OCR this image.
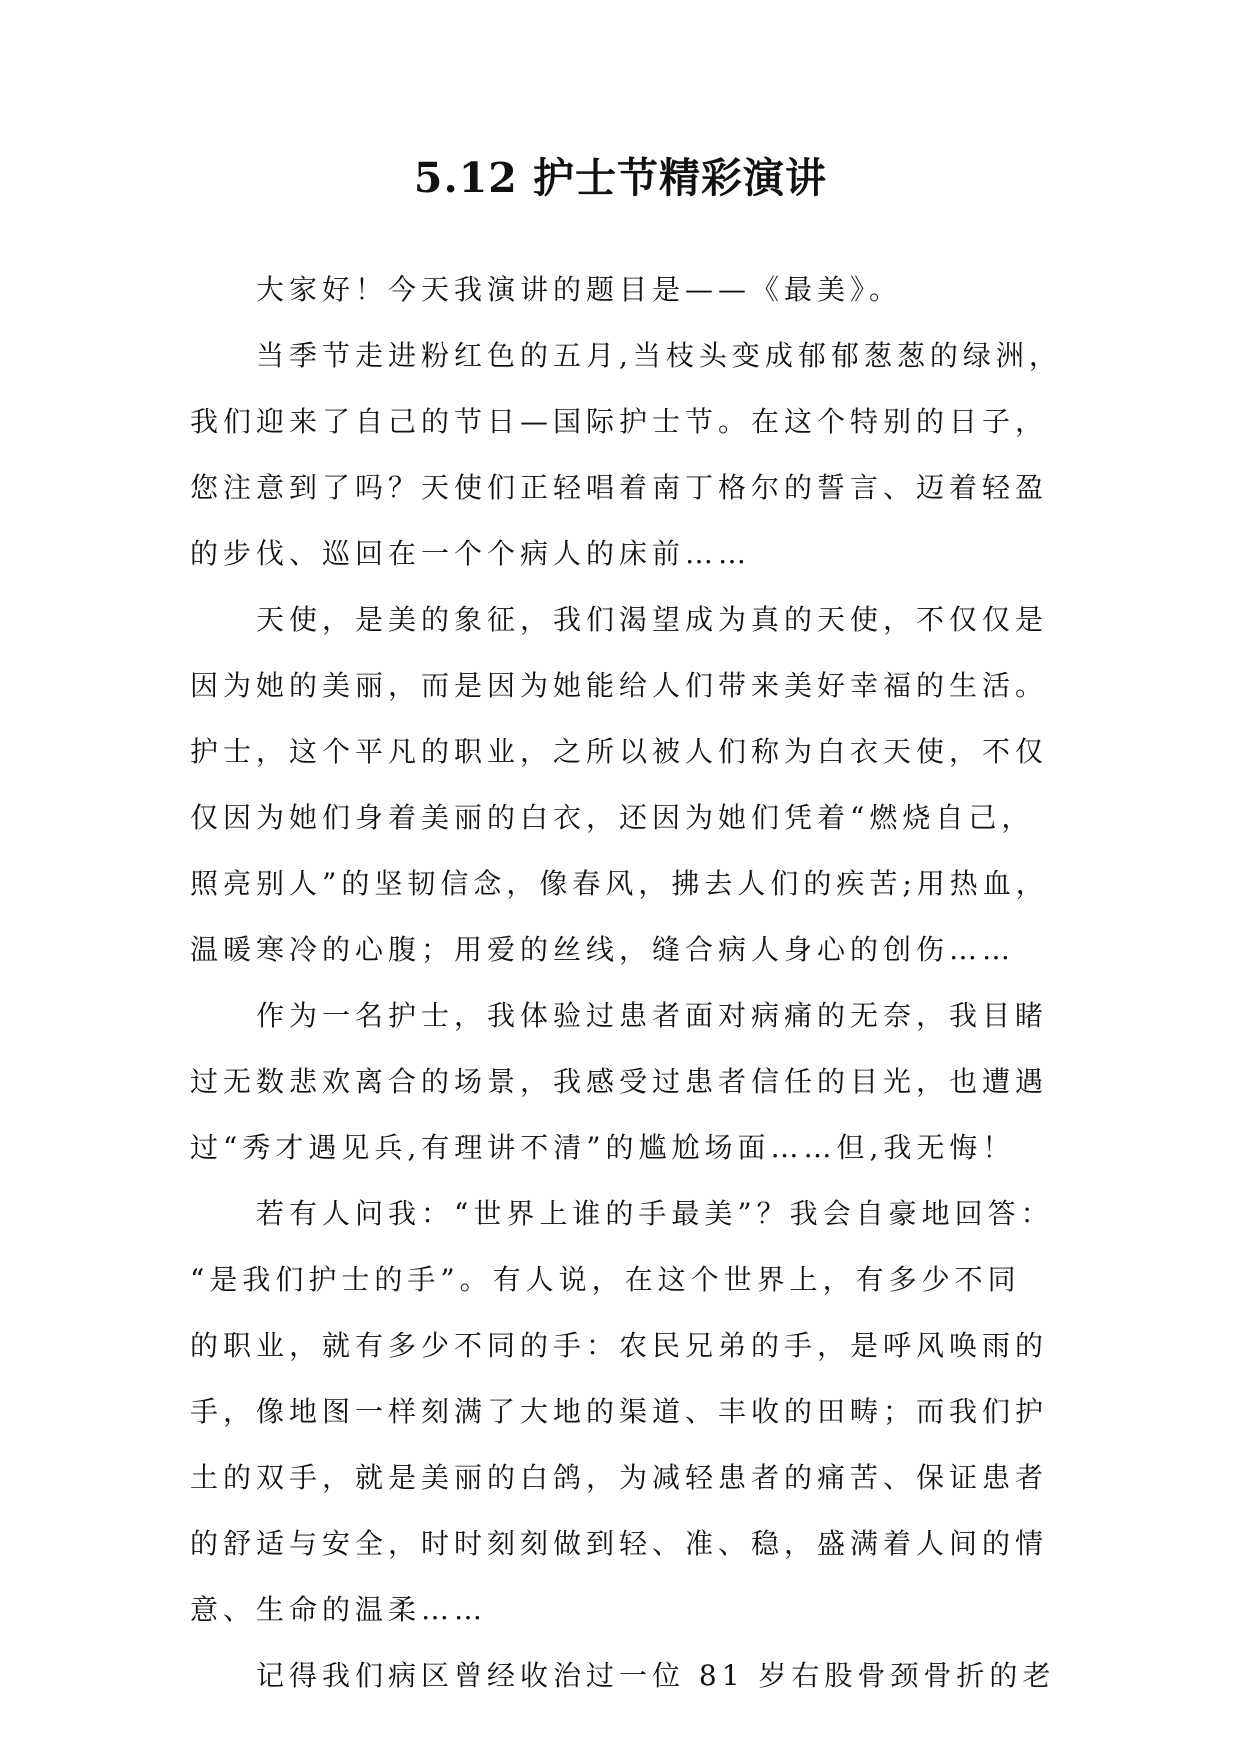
5.12 护士节精彩演讲
大家好！今天我演讲的题目是——《最美》。
当季节走进粉红色的五月,当枝头变成郁郁葱葱的绿洲，
我们迎来了自己的节日—国际护士节。在这个特别的日子，
您注意到了吗？天使们正轻唱着南丁格尔的誓言、迈着轻盈
的步伐、巡回在一个个病人的床前……
天使，是美的象征，我们渴望成为真的天使，不仅仅是
因为她的美丽，而是因为她能给人们带来美好幸福的生活。
护士，这个平凡的职业，之所以被人们称为白衣天使，不仅
仅因为她们身着美丽的白衣，还因为她们凭着“燃烧自己，
照亮别人”的坚韧信念，像春风，拂去人们的疾苦;用热血，
温暖寒冷的心腹；用爱的丝线，缝合病人身心的创伤……
作为一名护士，我体验过患者面对病痛的无奈，我目睹
过无数悲欢离合的场景，我感受过患者信任的目光，也遭遇
过“秀才遇见兵,有理讲不清”的尴尬场面……但,我无悔！
若有人问我：“世界上谁的手最美”？我会自豪地回答：
“是我们护士的手”。有人说，在这个世界上，有多少不同
的职业，就有多少不同的手：农民兄弟的手，是呼风唤雨的
手，像地图一样刻满了大地的渠道、丰收的田畴；而我们护
土的双手，就是美丽的白鸽，为减轻患者的痛苦、保证患者
的舒适与安全，时时刻刻做到轻、准、稳，盛满着人间的情
意、生命的温柔……
记得我们病区曾经收治过一位 81 岁右股骨颈骨折的老
